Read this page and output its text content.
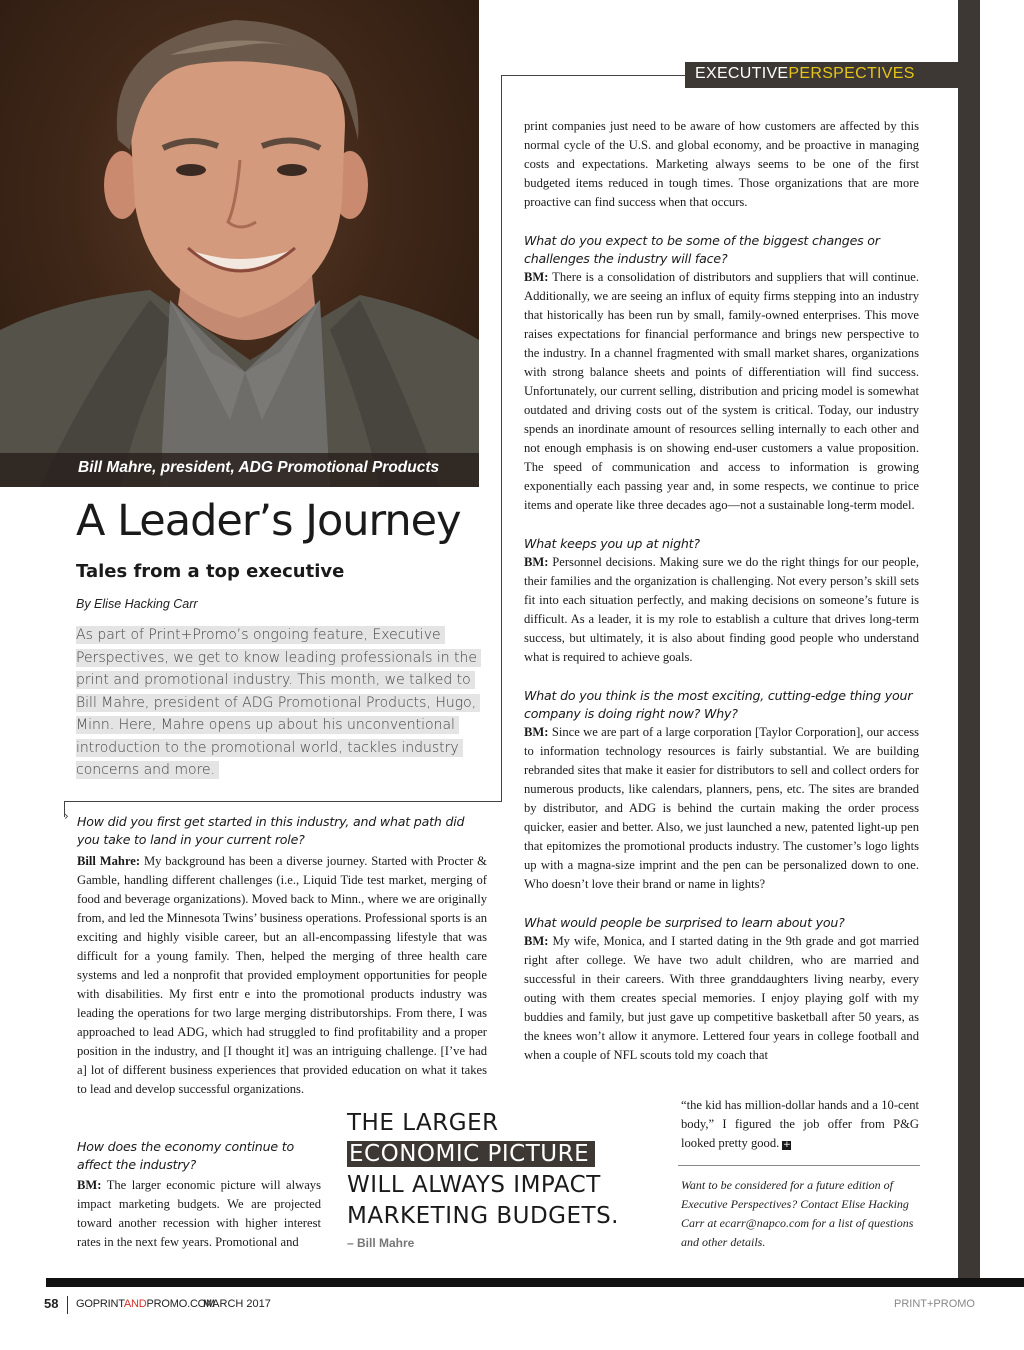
Bill Mahre, president, ADG Promotional Products
EXECUTIVEPERSPECTIVES
›
A Leader’s Journey
Tales from a top executive
By Elise Hacking Carr
As part of Print+Promo’s ongoing feature, Executive Perspectives, we get to know leading professionals in the print and promotional industry. This month, we talked to Bill Mahre, president of ADG Promotional Products, Hugo, Minn. Here, Mahre opens up about his unconventional introduction to the promotional world, tackles industry concerns and more.

How did you first get started in this industry, and what path did you take to land in your current role?

Bill Mahre: My background has been a diverse journey. Started with Procter & Gamble, handling different challenges (i.e., Liquid Tide test market, merging of food and beverage organizations). Moved back to Minn., where we are originally from, and led the Minnesota Twins’ business operations. Professional sports is an exciting and highly visible career, but an all-encompassing lifestyle that was difficult for a young family. Then, helped the merging of three health care systems and led a nonprofit that provided employment opportunities for people with disabilities. My first entr e into the promotional products industry was leading the operations for two large merging distributorships. From there, I was approached to lead ADG, which had struggled to find profitability and a proper position in the industry, and [I thought it] was an intriguing challenge. [I’ve had a] lot of different business experiences that provided education on what it takes to lead and develop successful organizations.

How does the economy continue to affect the industry?

BM: The larger economic picture will always impact marketing budgets. We are projected toward another recession with higher interest rates in the next few years. Promotional and

print companies just need to be aware of how customers are affected by this normal cycle of the U.S. and global economy, and be proactive in managing costs and expectations. Marketing always seems to be one of the first budgeted items reduced in tough times. Those organizations that are more proactive can find success when that occurs.

What do you expect to be some of the biggest changes or challenges the industry will face?

BM: There is a consolidation of distributors and suppliers that will continue. Additionally, we are seeing an influx of equity firms stepping into an industry that historically has been run by small, family-owned enterprises. This move raises expectations for financial performance and brings new perspective to the industry. In a channel fragmented with small market shares, organizations with strong balance sheets and points of differentiation will find success. Unfortunately, our current selling, distribution and pricing model is somewhat outdated and driving costs out of the system is critical. Today, our industry spends an inordinate amount of resources selling internally to each other and not enough emphasis is on showing end-user customers a value proposition. The speed of communication and access to information is growing exponentially each passing year and, in some respects, we continue to price items and operate like three decades ago—not a sustainable long-term model.

What keeps you up at night?

BM: Personnel decisions. Making sure we do the right things for our people, their families and the organization is challenging. Not every person’s skill sets fit into each situation perfectly, and making decisions on someone’s future is difficult. As a leader, it is my role to establish a culture that drives long-term success, but ultimately, it is also about finding good people who understand what is required to achieve goals.

What do you think is the most exciting, cutting-edge thing your company is doing right now? Why?

BM: Since we are part of a large corporation [Taylor Corporation], our access to information technology resources is fairly substantial. We are building rebranded sites that make it easier for distributors to sell and collect orders for numerous products, like calendars, planners, pens, etc. The sites are branded by distributor, and ADG is behind the curtain making the order process quicker, easier and better. Also, we just launched a new, patented light-up pen that epitomizes the promotional products industry. The customer’s logo lights up with a magna-size imprint and the pen can be personalized down to one. Who doesn’t love their brand or name in lights?

What would people be surprised to learn about you?

BM: My wife, Monica, and I started dating in the 9th grade and got married right after college. We have two adult children, who are married and successful in their careers. With three granddaughters living nearby, every outing with them creates special memories. I enjoy playing golf with my buddies and family, but just gave up competitive basketball after 50 years, as the knees won’t allow it anymore. Lettered four years in college football and when a couple of NFL scouts told my coach that

“the kid has million-dollar hands and a 10-cent body,” I figured the job offer from P&G looked pretty good. +

THE LARGER
ECONOMIC PICTURE
WILL ALWAYS IMPACT
MARKETING BUDGETS.
– Bill Mahre
Want to be considered for a future edition of Executive Perspectives? Contact Elise Hacking Carr at ecarr@napco.com for a list of questions and other details.
58 GOPRINTANDPROMO.COM
MARCH 2017	PRINT+PROMO
